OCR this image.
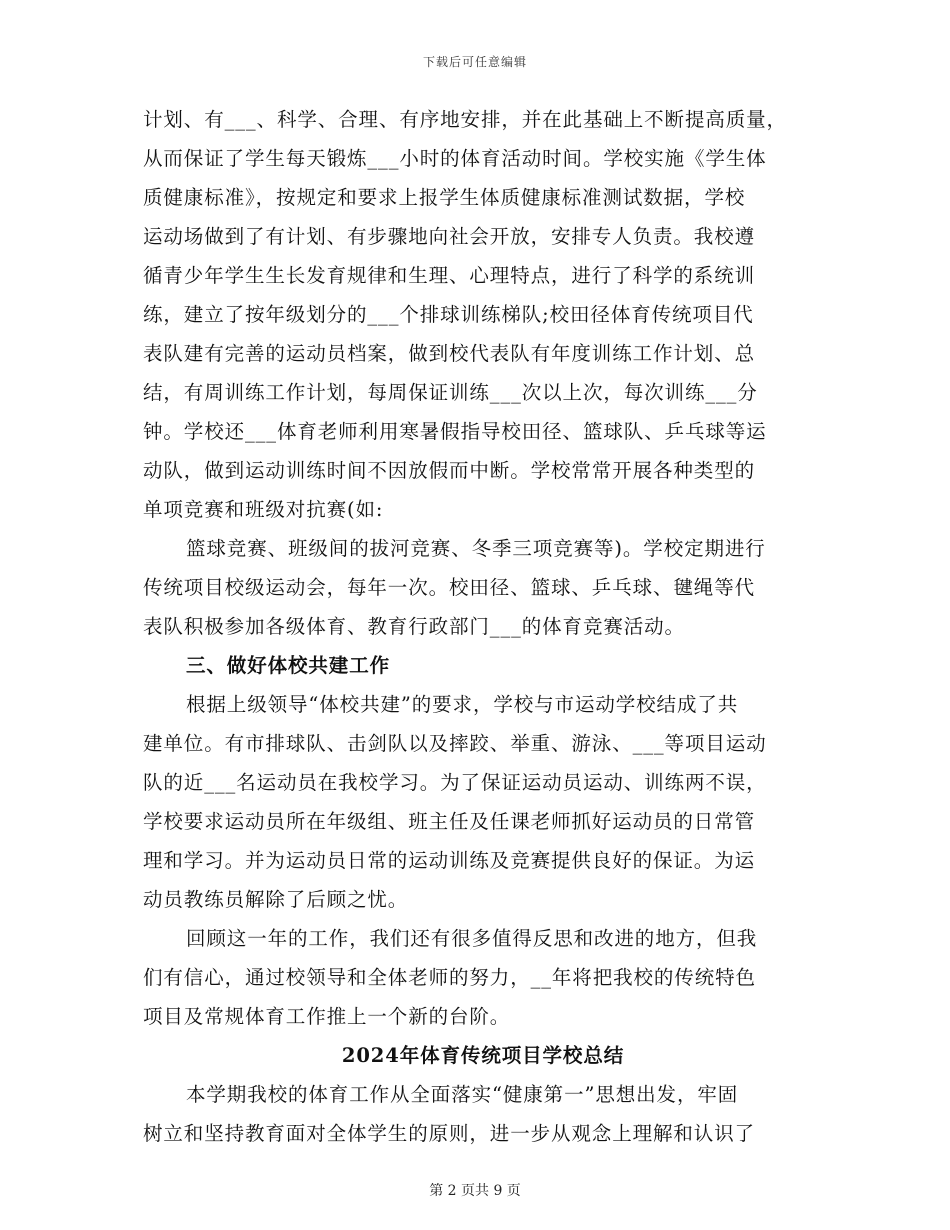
下载后可任意编辑
计划、有___、科学、合理、有序地安排，并在此基础上不断提高质量，
从而保证了学生每天锻炼___小时的体育活动时间。学校实施《学生体
质健康标准》，按规定和要求上报学生体质健康标准测试数据，学校
运动场做到了有计划、有步骤地向社会开放，安排专人负责。我校遵
循青少年学生生长发育规律和生理、心理特点，进行了科学的系统训
练，建立了按年级划分的___个排球训练梯队;校田径体育传统项目代
表队建有完善的运动员档案，做到校代表队有年度训练工作计划、总
结，有周训练工作计划，每周保证训练___次以上次，每次训练___分
钟。学校还___体育老师利用寒暑假指导校田径、篮球队、乒乓球等运
动队，做到运动训练时间不因放假而中断。学校常常开展各种类型的
单项竞赛和班级对抗赛(如:
篮球竞赛、班级间的拔河竞赛、冬季三项竞赛等)。学校定期进行
传统项目校级运动会，每年一次。校田径、篮球、乒乓球、毽绳等代
表队积极参加各级体育、教育行政部门___的体育竞赛活动。
三、做好体校共建工作
根据上级领导“体校共建”的要求，学校与市运动学校结成了共
建单位。有市排球队、击剑队以及摔跤、举重、游泳、___等项目运动
队的近___名运动员在我校学习。为了保证运动员运动、训练两不误，
学校要求运动员所在年级组、班主任及任课老师抓好运动员的日常管
理和学习。并为运动员日常的运动训练及竞赛提供良好的保证。为运
动员教练员解除了后顾之忧。
回顾这一年的工作，我们还有很多值得反思和改进的地方，但我
们有信心，通过校领导和全体老师的努力，__年将把我校的传统特色
项目及常规体育工作推上一个新的台阶。
2024年体育传统项目学校总结
本学期我校的体育工作从全面落实“健康第一”思想出发，牢固
树立和坚持教育面对全体学生的原则，进一步从观念上理解和认识了
第 2 页共 9 页
